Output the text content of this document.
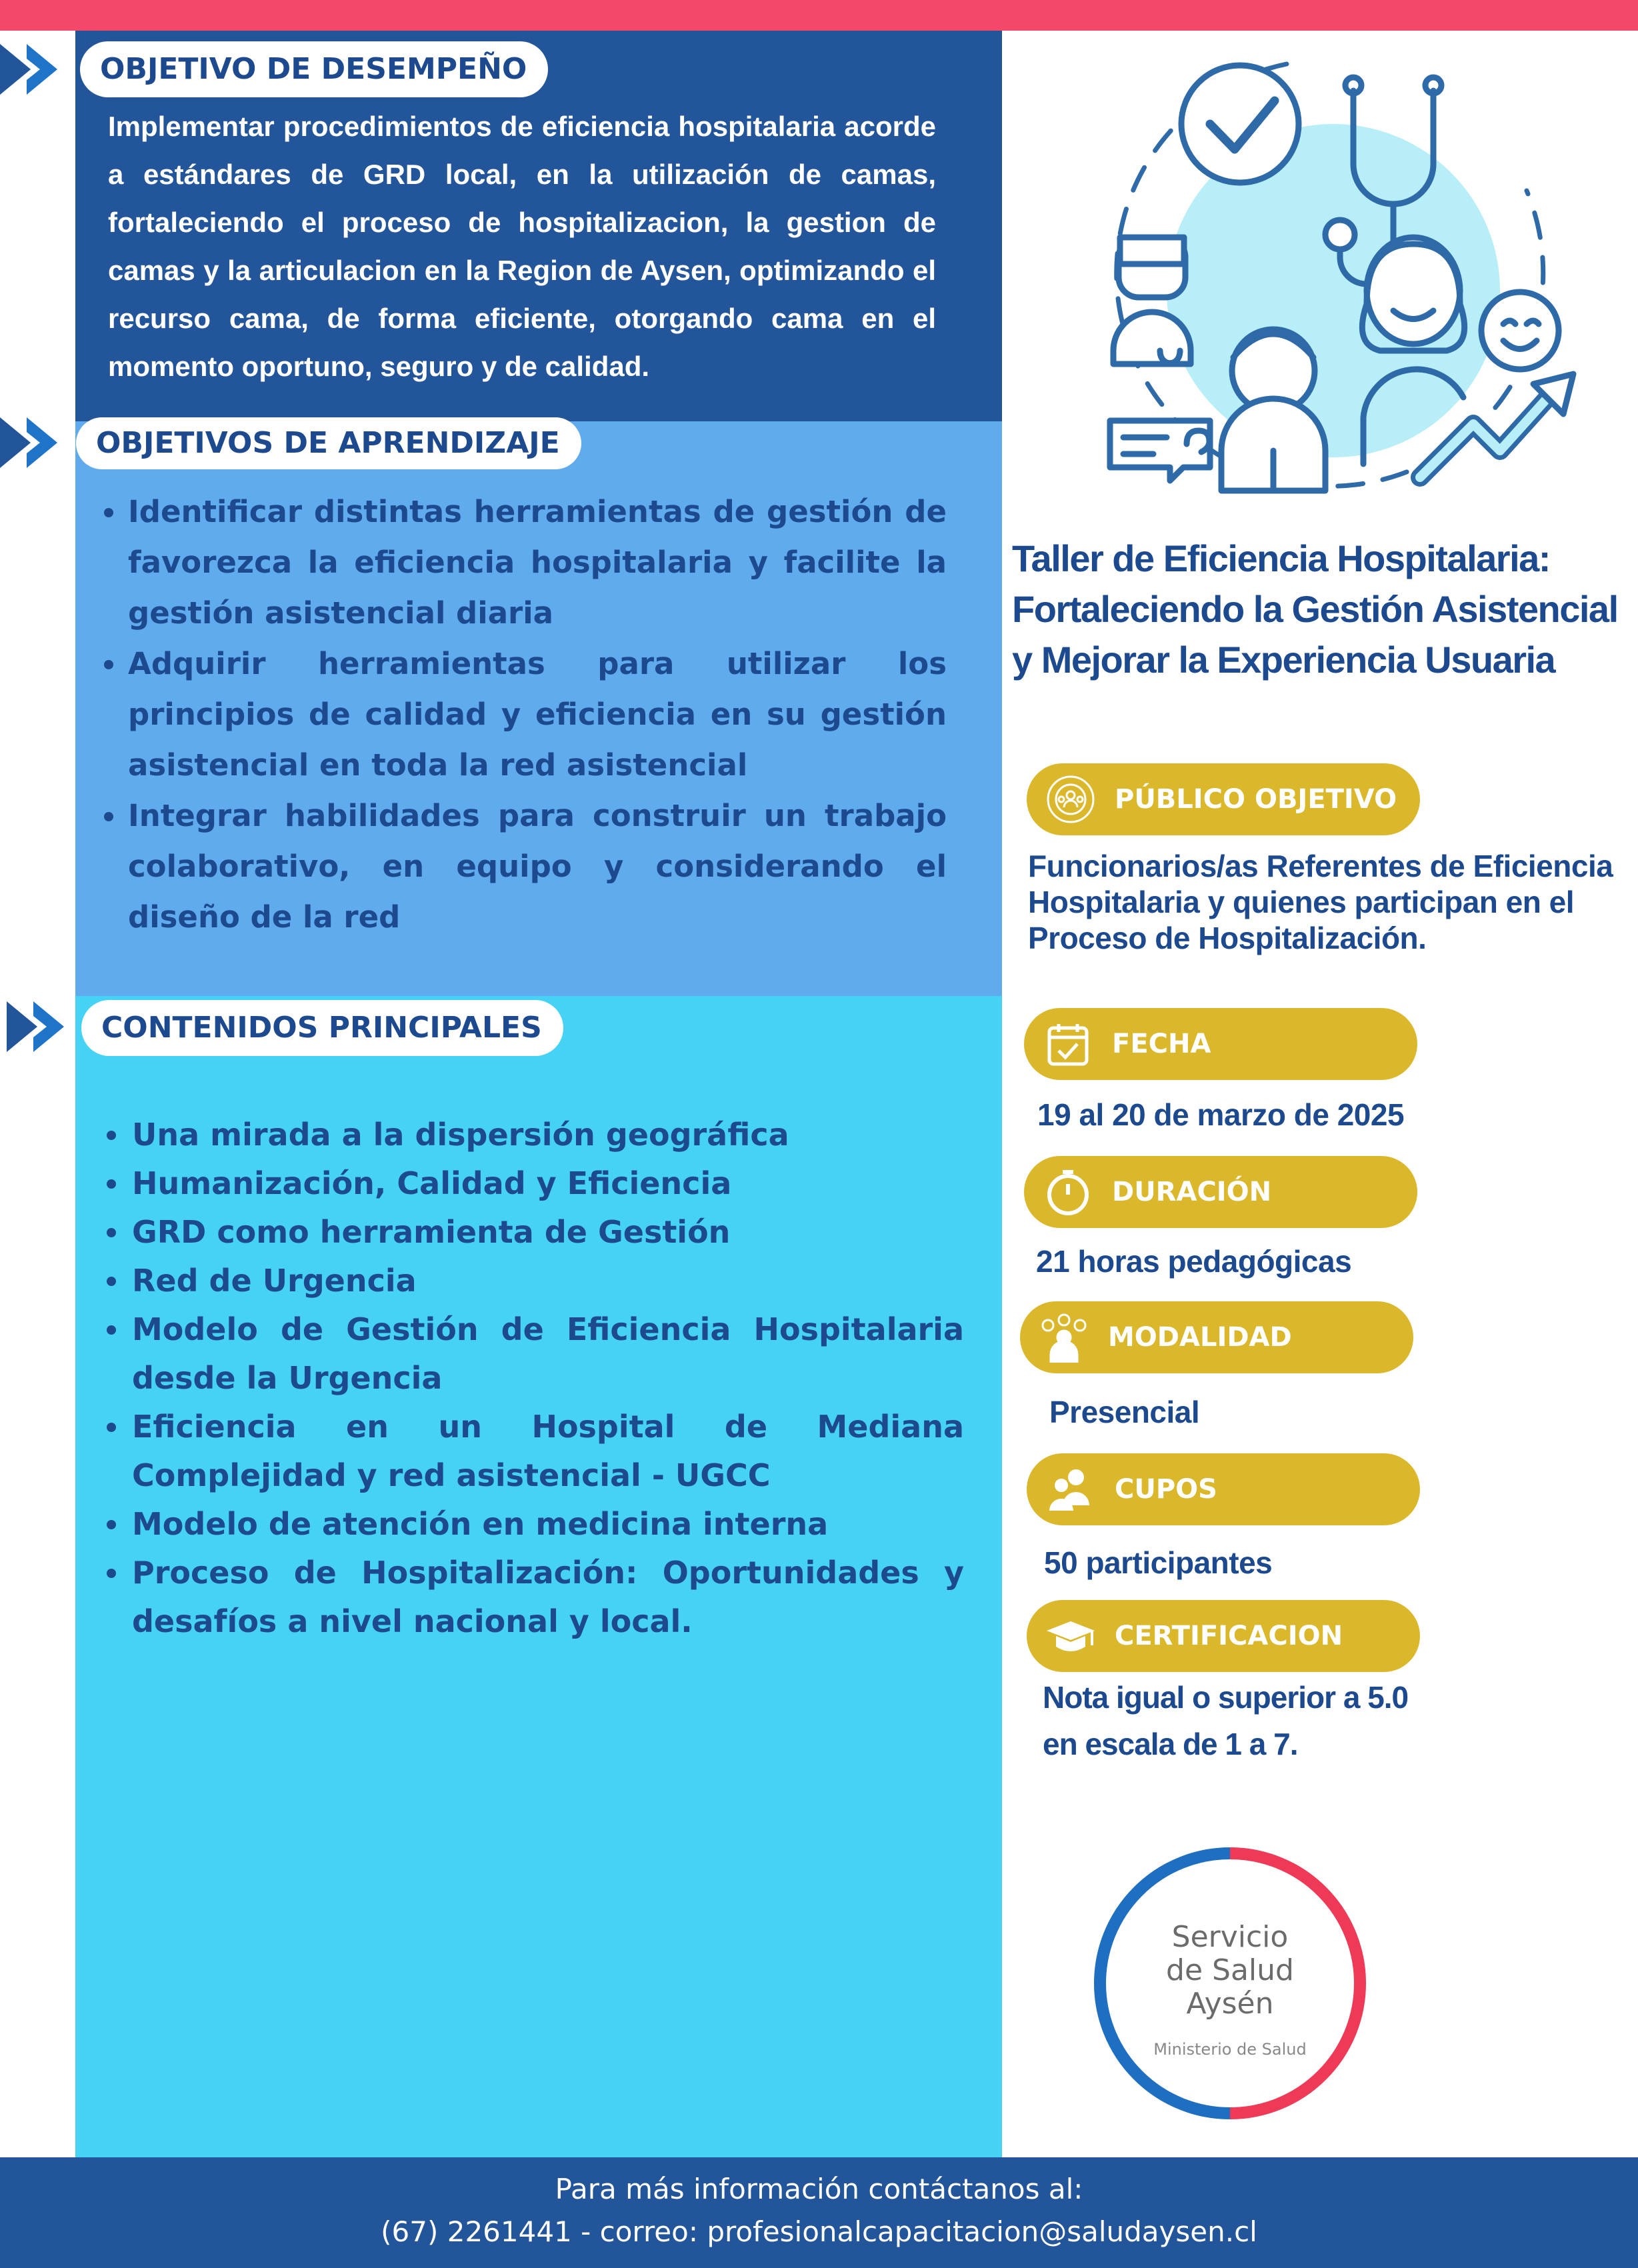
OBJETIVO DE DESEMPEÑO

Implementar procedimientos de eficiencia hospitalaria acorde a estándares de GRD local, en la utilización de camas, fortaleciendo el proceso de hospitalizacion, la gestion de camas y la articulacion en la Region de Aysen, optimizando el recurso cama, de forma eficiente, otorgando cama en el momento oportuno, seguro y de calidad.

OBJETIVOS DE APRENDIZAJE
Identificar distintas herramientas de gestión de favorezca la eficiencia hospitalaria y facilite la gestión asistencial diaria
Adquirir herramientas para utilizar los principios de calidad y eficiencia en su gestión asistencial en toda la red asistencial
Integrar habilidades para construir un trabajo colaborativo, en equipo y considerando el diseño de la red
CONTENIDOS PRINCIPALES
Una mirada a la dispersión geográfica
Humanización, Calidad y Eficiencia
GRD como herramienta de Gestión
Red de Urgencia
Modelo de Gestión de Eficiencia Hospitalaria desde la Urgencia
Eficiencia en un Hospital de Mediana Complejidad y red asistencial - UGCC
Modelo de atención en medicina interna
Proceso de Hospitalización: Oportunidades y desafíos a nivel nacional y local.
Taller de Eficiencia Hospitalaria: Fortaleciendo la Gestión Asistencial y Mejorar la Experiencia Usuaria
PÚBLICO OBJETIVO
Funcionarios/as Referentes de Eficiencia Hospitalaria y quienes participan en el Proceso de Hospitalización.
FECHA
19 al 20 de marzo de 2025
DURACIÓN
21 horas pedagógicas
MODALIDAD
Presencial
CUPOS
50 participantes
CERTIFICACION
Nota igual o superior a 5.0
en escala de 1 a 7.
Servicio
de Salud
Aysén
Ministerio de Salud
Para más información contáctanos al:
(67) 2261441 - correo: profesionalcapacitacion@saludaysen.cl
